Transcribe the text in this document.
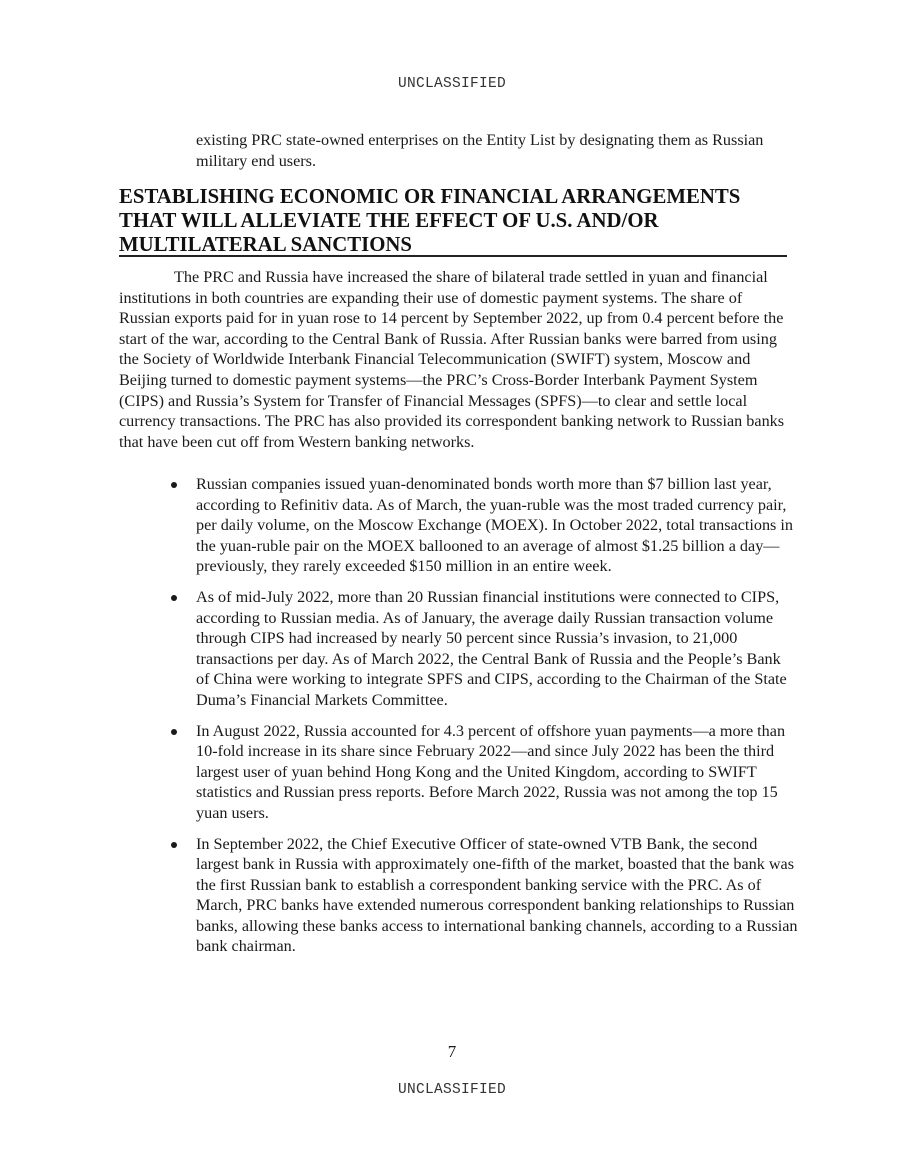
UNCLASSIFIED

existing PRC state-owned enterprises on the Entity List by designating them as Russian military end users.

ESTABLISHING ECONOMIC OR FINANCIAL ARRANGEMENTS THAT WILL ALLEVIATE THE EFFECT OF U.S. AND/OR MULTILATERAL SANCTIONS

The PRC and Russia have increased the share of bilateral trade settled in yuan and financial institutions in both countries are expanding their use of domestic payment systems. The share of Russian exports paid for in yuan rose to 14 percent by September 2022, up from 0.4 percent before the start of the war, according to the Central Bank of Russia. After Russian banks were barred from using the Society of Worldwide Interbank Financial Telecommunication (SWIFT) system, Moscow and Beijing turned to domestic payment systems—the PRC’s Cross-Border Interbank Payment System (CIPS) and Russia’s System for Transfer of Financial Messages (SPFS)—to clear and settle local currency transactions. The PRC has also provided its correspondent banking network to Russian banks that have been cut off from Western banking networks.

Russian companies issued yuan-denominated bonds worth more than $7 billion last year, according to Refinitiv data. As of March, the yuan-ruble was the most traded currency pair, per daily volume, on the Moscow Exchange (MOEX). In October 2022, total transactions in the yuan-ruble pair on the MOEX ballooned to an average of almost $1.25 billion a day—previously, they rarely exceeded $150 million in an entire week.
As of mid-July 2022, more than 20 Russian financial institutions were connected to CIPS, according to Russian media. As of January, the average daily Russian transaction volume through CIPS had increased by nearly 50 percent since Russia’s invasion, to 21,000 transactions per day. As of March 2022, the Central Bank of Russia and the People’s Bank of China were working to integrate SPFS and CIPS, according to the Chairman of the State Duma’s Financial Markets Committee.
In August 2022, Russia accounted for 4.3 percent of offshore yuan payments—a more than 10-fold increase in its share since February 2022—and since July 2022 has been the third largest user of yuan behind Hong Kong and the United Kingdom, according to SWIFT statistics and Russian press reports. Before March 2022, Russia was not among the top 15 yuan users.
In September 2022, the Chief Executive Officer of state-owned VTB Bank, the second largest bank in Russia with approximately one-fifth of the market, boasted that the bank was the first Russian bank to establish a correspondent banking service with the PRC. As of March, PRC banks have extended numerous correspondent banking relationships to Russian banks, allowing these banks access to international banking channels, according to a Russian bank chairman.
7
UNCLASSIFIED
